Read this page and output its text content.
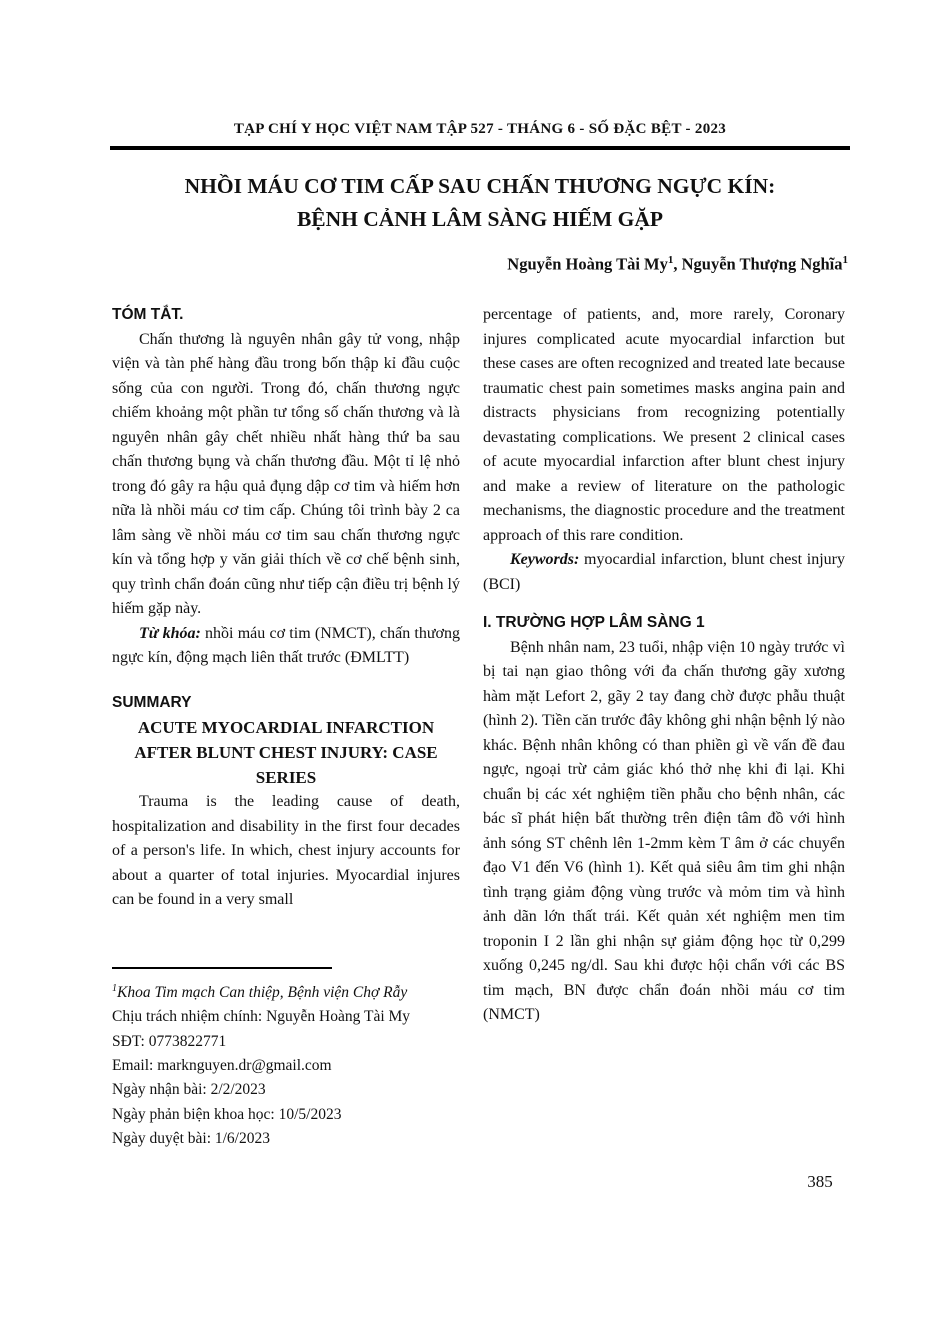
TẠP CHÍ Y HỌC VIỆT NAM TẬP 527 - THÁNG 6 - SỐ ĐẶC BỆT - 2023
NHỒI MÁU CƠ TIM CẤP SAU CHẤN THƯƠNG NGỰC KÍN:
BỆNH CẢNH LÂM SÀNG HIẾM GẶP
Nguyễn Hoàng Tài My$^1$, Nguyễn Thượng Nghĩa$^1$
TÓM TẮT.

Chấn thương là nguyên nhân gây tử vong, nhập viện và tàn phế hàng đầu trong bốn thập kỉ đầu cuộc sống của con người. Trong đó, chấn thương ngực chiếm khoảng một phần tư tổng số chấn thương và là nguyên nhân gây chết nhiều nhất hàng thứ ba sau chấn thương bụng và chấn thương đầu. Một tỉ lệ nhỏ trong đó gây ra hậu quả đụng dập cơ tim và hiếm hơn nữa là nhồi máu cơ tim cấp. Chúng tôi trình bày 2 ca lâm sàng về nhồi máu cơ tim sau chấn thương ngực kín và tổng hợp y văn giải thích về cơ chế bệnh sinh, quy trình chẩn đoán cũng như tiếp cận điều trị bệnh lý hiếm gặp này.

Từ khóa: nhồi máu cơ tim (NMCT), chấn thương ngực kín, động mạch liên thất trước (ĐMLTT)

SUMMARY

ACUTE MYOCARDIAL INFARCTION AFTER BLUNT CHEST INJURY: CASE SERIES

Trauma is the leading cause of death, hospitalization and disability in the first four decades of a person's life. In which, chest injury accounts for about a quarter of total injuries. Myocardial injures can be found in a very small

percentage of patients, and, more rarely, Coronary injures complicated acute myocardial infarction but these cases are often recognized and treated late because traumatic chest pain sometimes masks angina pain and distracts physicians from recognizing potentially devastating complications. We present 2 clinical cases of acute myocardial infarction after blunt chest injury and make a review of literature on the pathologic mechanisms, the diagnostic procedure and the treatment approach of this rare condition.

Keywords: myocardial infarction, blunt chest injury (BCI)

I. TRƯỜNG HỢP LÂM SÀNG 1

Bệnh nhân nam, 23 tuổi, nhập viện 10 ngày trước vì bị tai nạn giao thông với đa chấn thương gãy xương hàm mặt Lefort 2, gãy 2 tay đang chờ được phẫu thuật (hình 2). Tiền căn trước đây không ghi nhận bệnh lý nào khác. Bệnh nhân không có than phiền gì về vấn đề đau ngực, ngoại trừ cảm giác khó thở nhẹ khi đi lại. Khi chuẩn bị các xét nghiệm tiền phẫu cho bệnh nhân, các bác sĩ phát hiện bất thường trên điện tâm đồ với hình ảnh sóng ST chênh lên 1-2mm kèm T âm ở các chuyển đạo V1 đến V6 (hình 1). Kết quả siêu âm tim ghi nhận tình trạng giảm động vùng trước và mỏm tim và hình ảnh dãn lớn thất trái. Kết quản xét nghiệm men tim troponin I 2 lần ghi nhận sự giảm động học từ 0,299 xuống 0,245 ng/dl. Sau khi được hội chẩn với các BS tim mạch, BN được chẩn đoán nhồi máu cơ tim (NMCT)

$^1$Khoa Tim mạch Can thiệp, Bệnh viện Chợ Rẫy
Chịu trách nhiệm chính: Nguyễn Hoàng Tài My
SĐT: 0773822771
Email: marknguyen.dr@gmail.com
Ngày nhận bài: 2/2/2023
Ngày phản biện khoa học: 10/5/2023
Ngày duyệt bài: 1/6/2023
385
